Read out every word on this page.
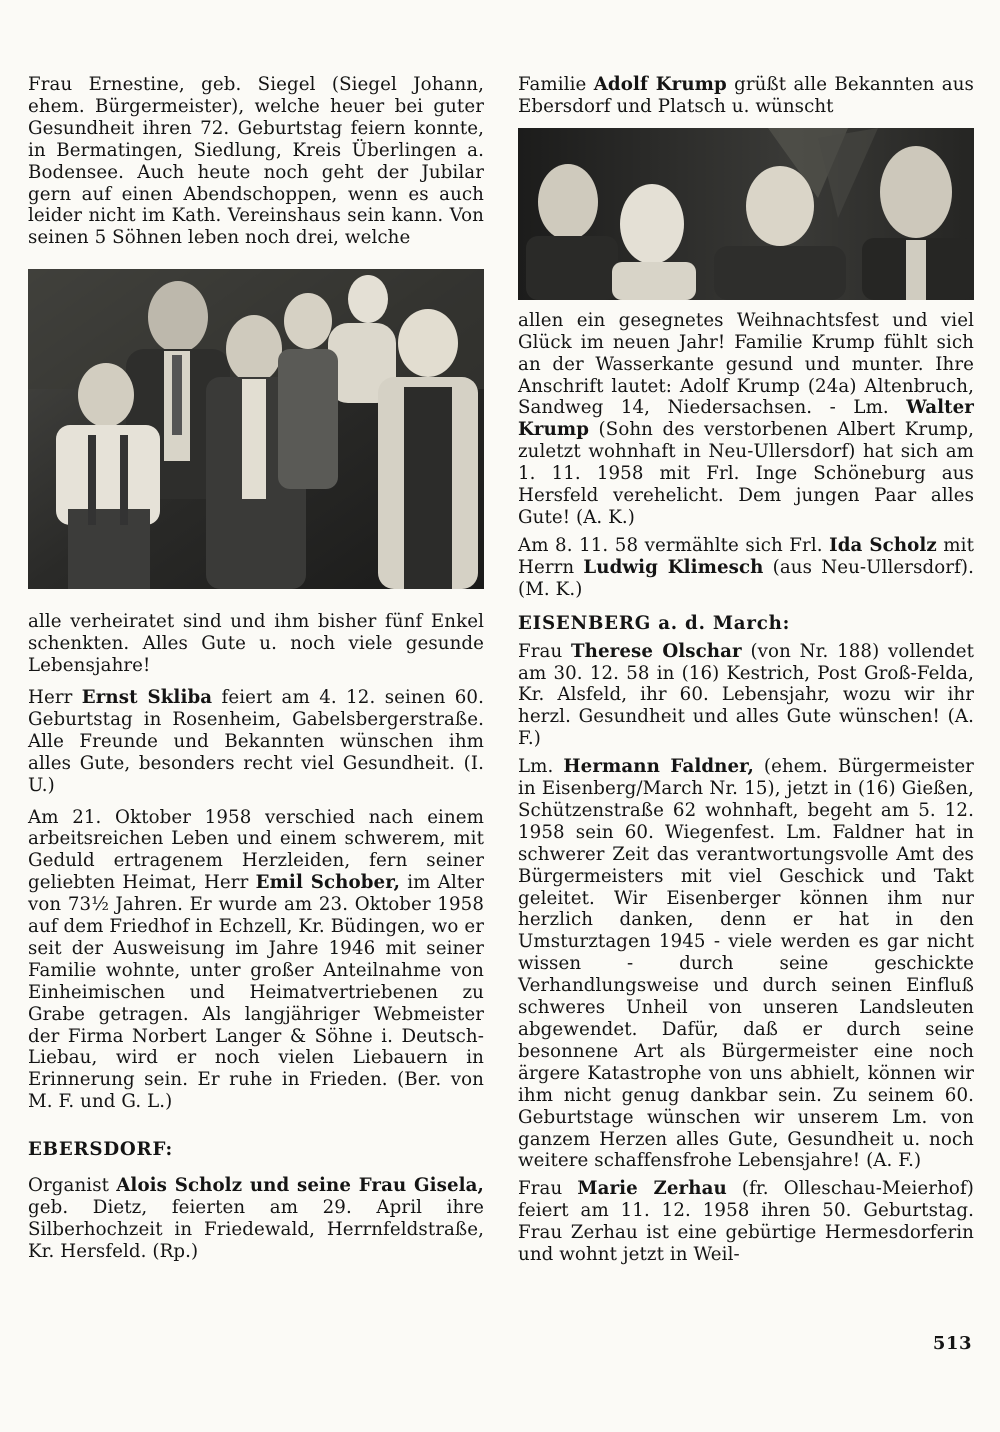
Frau Ernestine, geb. Siegel (Siegel Johann, ehem. Bürgermeister), welche heuer bei guter Gesundheit ihren 72. Geburtstag feiern konnte, in Bermatingen, Siedlung, Kreis Überlingen a. Bodensee. Auch heute noch geht der Jubilar gern auf einen Abendschoppen, wenn es auch leider nicht im Kath. Vereinshaus sein kann. Von seinen 5 Söhnen leben noch drei, welche

alle verheiratet sind und ihm bisher fünf Enkel schenkten. Alles Gute u. noch viele gesunde Lebensjahre!

Herr Ernst Skliba feiert am 4. 12. seinen 60. Geburtstag in Rosenheim, Gabelsbergerstraße. Alle Freunde und Bekannten wünschen ihm alles Gute, besonders recht viel Gesundheit. (I. U.)

Am 21. Oktober 1958 verschied nach einem arbeitsreichen Leben und einem schwerem, mit Geduld ertragenem Herzleiden, fern seiner geliebten Heimat, Herr Emil Schober, im Alter von 73½ Jahren. Er wurde am 23. Oktober 1958 auf dem Friedhof in Echzell, Kr. Büdingen, wo er seit der Ausweisung im Jahre 1946 mit seiner Familie wohnte, unter großer Anteilnahme von Einheimischen und Heimatvertriebenen zu Grabe getragen. Als langjähriger Webmeister der Firma Norbert Langer & Söhne i. Deutsch-Liebau, wird er noch vielen Liebauern in Erinnerung sein. Er ruhe in Frieden. (Ber. von M. F. und G. L.)

EBERSDORF:

Organist Alois Scholz und seine Frau Gisela, geb. Dietz, feierten am 29. April ihre Silberhochzeit in Friedewald, Herrnfeldstraße, Kr. Hersfeld. (Rp.)

Familie Adolf Krump grüßt alle Bekannten aus Ebersdorf und Platsch u. wünscht

allen ein gesegnetes Weihnachtsfest und viel Glück im neuen Jahr! Familie Krump fühlt sich an der Wasserkante gesund und munter. Ihre Anschrift lautet: Adolf Krump (24a) Altenbruch, Sandweg 14, Niedersachsen. - Lm. Walter Krump (Sohn des verstorbenen Albert Krump, zuletzt wohnhaft in Neu-Ullersdorf) hat sich am 1. 11. 1958 mit Frl. Inge Schöneburg aus Hersfeld verehelicht. Dem jungen Paar alles Gute! (A. K.)

Am 8. 11. 58 vermählte sich Frl. Ida Scholz mit Herrn Ludwig Klimesch (aus Neu-Ullersdorf). (M. K.)

EISENBERG a. d. March:

Frau Therese Olschar (von Nr. 188) vollendet am 30. 12. 58 in (16) Kestrich, Post Groß-Felda, Kr. Alsfeld, ihr 60. Lebensjahr, wozu wir ihr herzl. Gesundheit und alles Gute wünschen! (A. F.)

Lm. Hermann Faldner, (ehem. Bürgermeister in Eisenberg/March Nr. 15), jetzt in (16) Gießen, Schützenstraße 62 wohnhaft, begeht am 5. 12. 1958 sein 60. Wiegenfest. Lm. Faldner hat in schwerer Zeit das verantwortungsvolle Amt des Bürgermeisters mit viel Geschick und Takt geleitet. Wir Eisenberger können ihm nur herzlich danken, denn er hat in den Umsturztagen 1945 - viele werden es gar nicht wissen - durch seine geschickte Verhandlungsweise und durch seinen Einfluß schweres Unheil von unseren Landsleuten abgewendet. Dafür, daß er durch seine besonnene Art als Bürgermeister eine noch ärgere Katastrophe von uns abhielt, können wir ihm nicht genug dankbar sein. Zu seinem 60. Geburtstage wünschen wir unserem Lm. von ganzem Herzen alles Gute, Gesundheit u. noch weitere schaffensfrohe Lebensjahre! (A. F.)

Frau Marie Zerhau (fr. Olleschau-Meierhof) feiert am 11. 12. 1958 ihren 50. Geburtstag. Frau Zerhau ist eine gebürtige Hermesdorferin und wohnt jetzt in Weil-

513
